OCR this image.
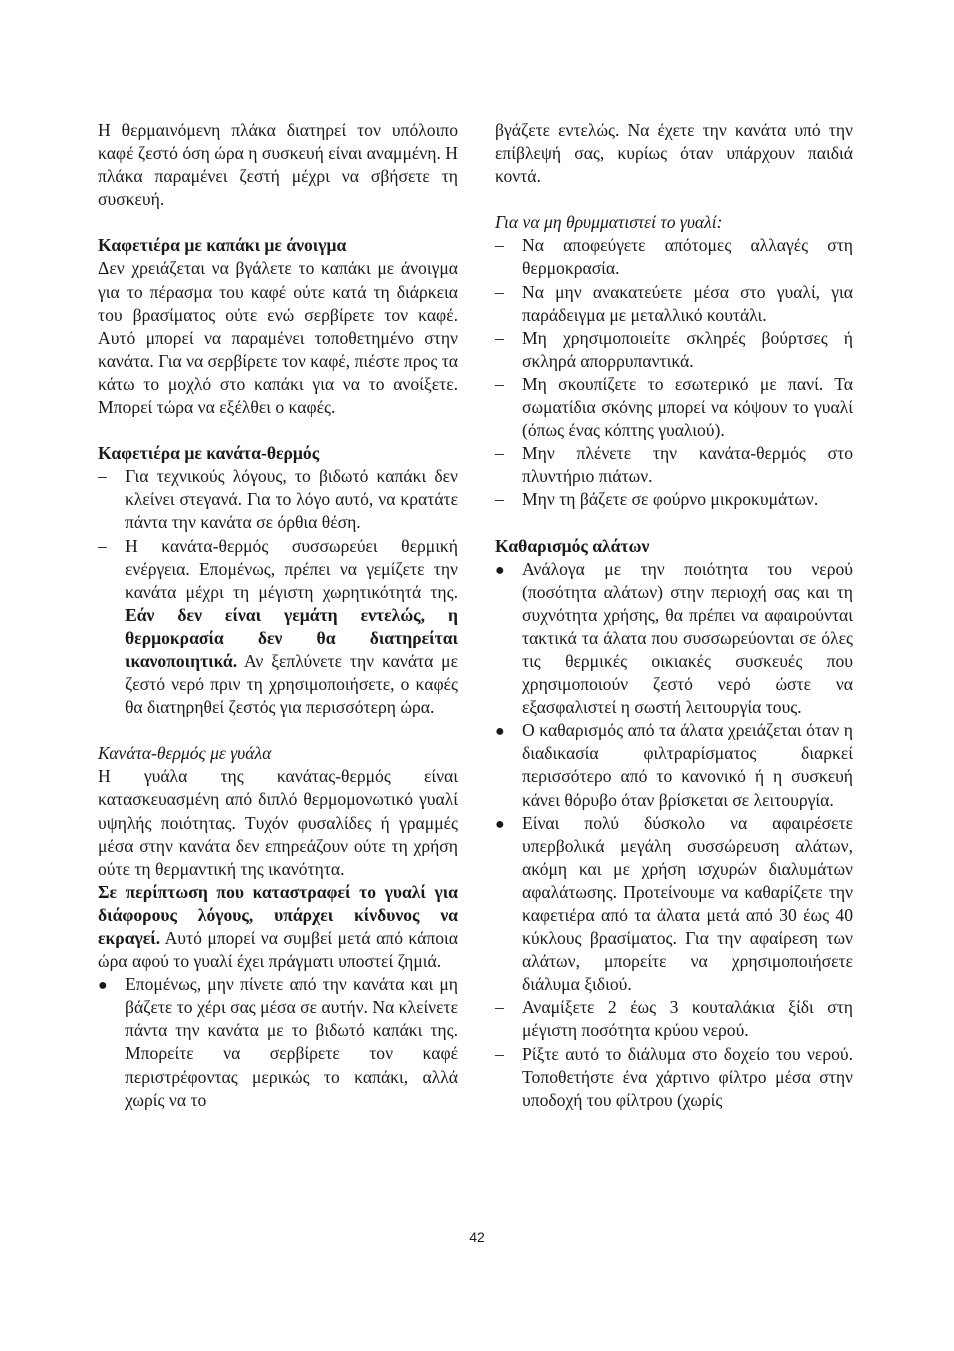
Η θερμαινόμενη πλάκα διατηρεί τον υπόλοιπο καφέ ζεστό όση ώρα η συσκευή είναι αναμμένη. Η πλάκα παραμένει ζεστή μέχρι να σβήσετε τη συσκευή.

Καφετιέρα με καπάκι με άνοιγμα

Δεν χρειάζεται να βγάλετε το καπάκι με άνοιγμα για το πέρασμα του καφέ ούτε κατά τη διάρκεια του βρασίματος ούτε ενώ σερβίρετε τον καφέ. Αυτό μπορεί να παραμένει τοποθετημένο στην κανάτα. Για να σερβίρετε τον καφέ, πιέστε προς τα κάτω το μοχλό στο καπάκι για να το ανοίξετε. Μπορεί τώρα να εξέλθει ο καφές.

Καφετιέρα με κανάτα-θερμός

–
Για τεχνικούς λόγους, το βιδωτό καπάκι δεν κλείνει στεγανά. Για το λόγο αυτό, να κρατάτε πάντα την κανάτα σε όρθια θέση.
–
Η κανάτα-θερμός συσσωρεύει θερμική ενέργεια. Επομένως, πρέπει να γεμίζετε την κανάτα μέχρι τη μέγιστη χωρητικότητά της. Εάν δεν είναι γεμάτη εντελώς, η θερμοκρασία δεν θα διατηρείται ικανοποιητικά. Αν ξεπλύνετε την κανάτα με ζεστό νερό πριν τη χρησιμοποιήσετε, ο καφές θα διατηρηθεί ζεστός για περισσότερη ώρα.

Κανάτα-θερμός με γυάλα

Η γυάλα της κανάτας-θερμός είναι κατασκευασμένη από διπλό θερμομονωτικό γυαλί υψηλής ποιότητας. Τυχόν φυσαλίδες ή γραμμές μέσα στην κανάτα δεν επηρεάζουν ούτε τη χρήση ούτε τη θερμαντική της ικανότητα.

Σε περίπτωση που καταστραφεί το γυαλί για διάφορους λόγους, υπάρχει κίνδυνος να εκραγεί. Αυτό μπορεί να συμβεί μετά από κάποια ώρα αφού το γυαλί έχει πράγματι υποστεί ζημιά.

●
Επομένως, μην πίνετε από την κανάτα και μη βάζετε το χέρι σας μέσα σε αυτήν. Να κλείνετε πάντα την κανάτα με το βιδωτό καπάκι της. Μπορείτε να σερβίρετε τον καφέ περιστρέφοντας μερικώς το καπάκι, αλλά χωρίς να το

βγάζετε εντελώς. Να έχετε την κανάτα υπό την επίβλεψή σας, κυρίως όταν υπάρχουν παιδιά κοντά.

Για να μη θρυμματιστεί το γυαλί:

–
Να αποφεύγετε απότομες αλλαγές στη θερμοκρασία.
–
Να μην ανακατεύετε μέσα στο γυαλί, για παράδειγμα με μεταλλικό κουτάλι.
–
Μη χρησιμοποιείτε σκληρές βούρτσες ή σκληρά απορρυπαντικά.
–
Μη σκουπίζετε το εσωτερικό με πανί. Τα σωματίδια σκόνης μπορεί να κόψουν το γυαλί (όπως ένας κόπτης γυαλιού).
–
Μην πλένετε την κανάτα-θερμός στο πλυντήριο πιάτων.
–
Μην τη βάζετε σε φούρνο μικροκυμάτων.

Καθαρισμός αλάτων

●
Ανάλογα με την ποιότητα του νερού (ποσότητα αλάτων) στην περιοχή σας και τη συχνότητα χρήσης, θα πρέπει να αφαιρούνται τακτικά τα άλατα που συσσωρεύονται σε όλες τις θερμικές οικιακές συσκευές που χρησιμοποιούν ζεστό νερό ώστε να εξασφαλιστεί η σωστή λειτουργία τους.
●
Ο καθαρισμός από τα άλατα χρειάζεται όταν η διαδικασία φιλτραρίσματος διαρκεί περισσότερο από το κανονικό ή η συσκευή κάνει θόρυβο όταν βρίσκεται σε λειτουργία.
●
Είναι πολύ δύσκολο να αφαιρέσετε υπερβολικά μεγάλη συσσώρευση αλάτων, ακόμη και με χρήση ισχυρών διαλυμάτων αφαλάτωσης. Προτείνουμε να καθαρίζετε την καφετιέρα από τα άλατα μετά από 30 έως 40 κύκλους βρασίματος. Για την αφαίρεση των αλάτων, μπορείτε να χρησιμοποιήσετε διάλυμα ξιδιού.
–
Αναμίξετε 2 έως 3 κουταλάκια ξίδι στη μέγιστη ποσότητα κρύου νερού.
–
Ρίξτε αυτό το διάλυμα στο δοχείο του νερού. Τοποθετήστε ένα χάρτινο φίλτρο μέσα στην υποδοχή του φίλτρου (χωρίς
42
